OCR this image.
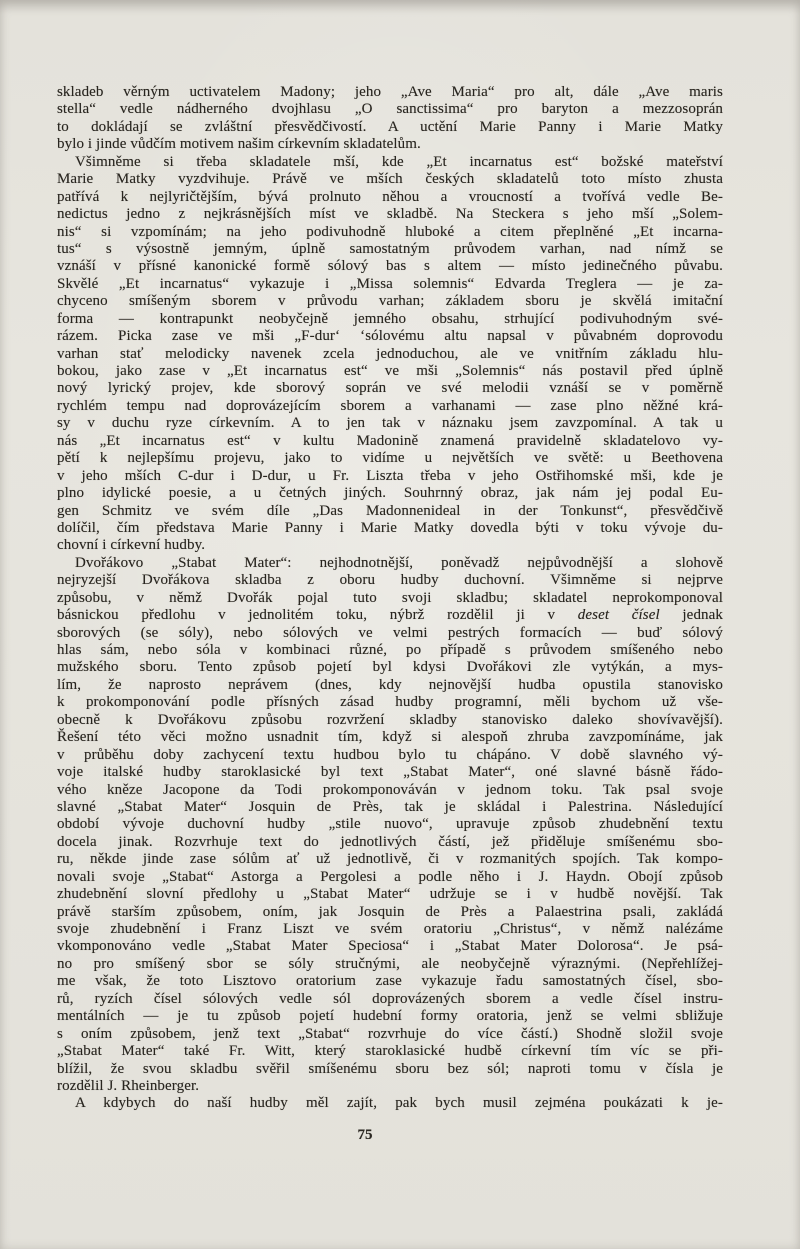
skladeb věrným uctivatelem Madony; jeho „Ave Maria“ pro alt, dále „Ave maris
stella“ vedle nádherného dvojhlasu „O sanctissima“ pro baryton a mezzosoprán
to dokládají se zvláštní přesvědčivostí. A uctění Marie Panny i Marie Matky
bylo i jinde vůdčím motivem našim církevním skladatelům.
Všimněme si třeba skladatele mší, kde „Et incarnatus est“ božské mateřství
Marie Matky vyzdvihuje. Právě ve mších českých skladatelů toto místo zhusta
patřívá k nejlyričtějším, bývá prolnuto něhou a vroucností a tvořívá vedle Be-
nedictus jedno z nejkrásnějších míst ve skladbě. Na Steckera s jeho mší „Solem-
nis“ si vzpomínám; na jeho podivuhodně hluboké a citem přeplněné „Et incarna-
tus“ s výsostně jemným, úplně samostatným průvodem varhan, nad nímž se
vznáší v přísné kanonické formě sólový bas s altem — místo jedinečného půvabu.
Skvělé „Et incarnatus“ vykazuje i „Missa solemnis“ Edvarda Treglera — je za-
chyceno smíšeným sborem v průvodu varhan; základem sboru je skvělá imitační
forma — kontrapunkt neobyčejně jemného obsahu, strhující podivuhodným své-
rázem. Picka zase ve mši „F-dur‘ ‘sólovému altu napsal v půvabném doprovodu
varhan stať melodicky navenek zcela jednoduchou, ale ve vnitřním základu hlu-
bokou, jako zase v „Et incarnatus est“ ve mši „Solemnis“ nás postavil před úplně
nový lyrický projev, kde sborový soprán ve své melodii vznáší se v poměrně
rychlém tempu nad doprovázejícím sborem a varhanami — zase plno něžné krá-
sy v duchu ryze církevním. A to jen tak v náznaku jsem zavzpomínal. A tak u
nás „Et incarnatus est“ v kultu Madonině znamená pravidelně skladatelovo vy-
pětí k nejlepšímu projevu, jako to vidíme u největších ve světě: u Beethovena
v jeho mších C-dur i D-dur, u Fr. Liszta třeba v jeho Ostřihomské mši, kde je
plno idylické poesie, a u četných jiných. Souhrnný obraz, jak nám jej podal Eu-
gen Schmitz ve svém díle „Das Madonnenideal in der Tonkunst“, přesvědčivě
dolíčil, čím představa Marie Panny i Marie Matky dovedla býti v toku vývoje du-
chovní i církevní hudby.
Dvořákovo „Stabat Mater“: nejhodnotnější, poněvadž nejpůvodnější a slohově
nejryzejší Dvořákova skladba z oboru hudby duchovní. Všimněme si nejprve
způsobu, v němž Dvořák pojal tuto svoji skladbu; skladatel neprokomponoval
básnickou předlohu v jednolitém toku, nýbrž rozdělil ji v deset čísel jednak
sborových (se sóly), nebo sólových ve velmi pestrých formacích — buď sólový
hlas sám, nebo sóla v kombinaci různé, po případě s průvodem smíšeného nebo
mužského sboru. Tento způsob pojetí byl kdysi Dvořákovi zle vytýkán, a mys-
lím, že naprosto neprávem (dnes, kdy nejnovější hudba opustila stanovisko
k prokomponování podle přísných zásad hudby programní, měli bychom už vše-
obecně k Dvořákovu způsobu rozvržení skladby stanovisko daleko shovívavější).
Řešení této věci možno usnadnit tím, když si alespoň zhruba zavzpomínáme, jak
v průběhu doby zachycení textu hudbou bylo tu chápáno. V době slavného vý-
voje italské hudby staroklasické byl text „Stabat Mater“, oné slavné básně řádo-
vého kněze Jacopone da Todi prokomponováván v jednom toku. Tak psal svoje
slavné „Stabat Mater“ Josquin de Près, tak je skládal i Palestrina. Následující
období vývoje duchovní hudby „stile nuovo“, upravuje způsob zhudebnění textu
docela jinak. Rozvrhuje text do jednotlivých částí, jež přiděluje smíšenému sbo-
ru, někde jinde zase sólům ať už jednotlivě, či v rozmanitých spojích. Tak kompo-
novali svoje „Stabat“ Astorga a Pergolesi a podle něho i J. Haydn. Obojí způsob
zhudebnění slovní předlohy u „Stabat Mater“ udržuje se i v hudbě novější. Tak
právě starším způsobem, oním, jak Josquin de Près a Palaestrina psali, zakládá
svoje zhudebnění i Franz Liszt ve svém oratoriu „Christus“, v němž nalézáme
vkomponováno vedle „Stabat Mater Speciosa“ i „Stabat Mater Dolorosa“. Je psá-
no pro smíšený sbor se sóly stručnými, ale neobyčejně výraznými. (Nepřehlížej-
me však, že toto Lisztovo oratorium zase vykazuje řadu samostatných čísel, sbo-
rů, ryzích čísel sólových vedle sól doprovázených sborem a vedle čísel instru-
mentálních — je tu způsob pojetí hudební formy oratoria, jenž se velmi sbližuje
s oním způsobem, jenž text „Stabat“ rozvrhuje do více částí.) Shodně složil svoje
„Stabat Mater“ také Fr. Witt, který staroklasické hudbě církevní tím víc se při-
blížil, že svou skladbu svěřil smíšenému sboru bez sól; naproti tomu v čísla je
rozdělil J. Rheinberger.
A kdybych do naší hudby měl zajít, pak bych musil zejména poukázati k je-
75
